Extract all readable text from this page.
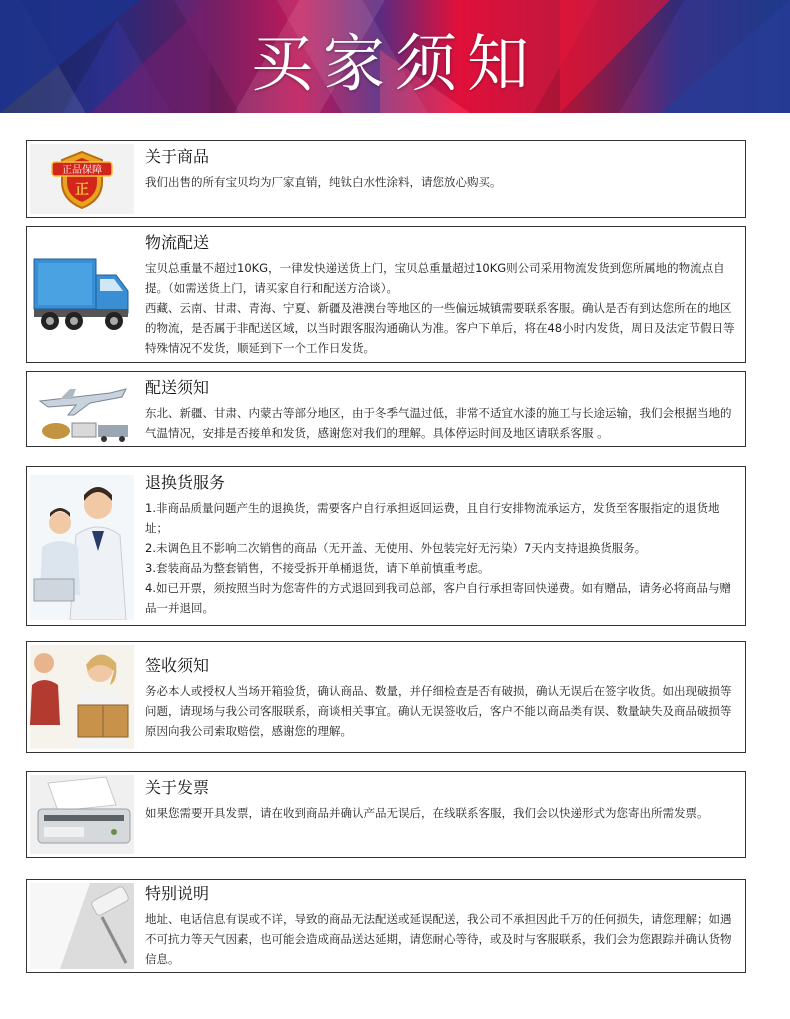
买家须知
正品保障
正
关于商品

我们出售的所有宝贝均为厂家直销，纯钛白水性涂料，请您放心购买。

物流配送

宝贝总重量不超过10KG，一律发快递送货上门，宝贝总重量超过10KG则公司采用物流发货到您所属地的物流点自提。（如需送货上门，请买家自行和配送方洽谈）。

西藏、云南、甘肃、青海、宁夏、新疆及港澳台等地区的一些偏远城镇需要联系客服。确认是否有到达您所在的地区的物流，是否属于非配送区域，以当时跟客服沟通确认为准。客户下单后，将在48小时内发货，周日及法定节假日等特殊情况不发货，顺延到下一个工作日发货。

配送须知

东北、新疆、甘肃、内蒙古等部分地区，由于冬季气温过低，非常不适宜水漆的施工与长途运输，我们会根据当地的气温情况，安排是否接单和发货，感谢您对我们的理解。具体停运时间及地区请联系客服 。

退换货服务

1.非商品质量问题产生的退换货，需要客户自行承担返回运费，且自行安排物流承运方，发货至客服指定的退货地址；

2.未调色且不影响二次销售的商品（无开盖、无使用、外包装完好无污染）7天内支持退换货服务。

3.套装商品为整套销售，不接受拆开单桶退货，请下单前慎重考虑。

4.如已开票，须按照当时为您寄件的方式退回到我司总部，客户自行承担寄回快递费。如有赠品，请务必将商品与赠品一并退回。

签收须知

务必本人或授权人当场开箱验货，确认商品、数量，并仔细检查是否有破损，确认无误后在签字收货。如出现破损等问题，请现场与我公司客服联系，商谈相关事宜。确认无误签收后，客户不能以商品类有误、数量缺失及商品破损等原因向我公司索取赔偿，感谢您的理解。

关于发票

如果您需要开具发票，请在收到商品并确认产品无误后，在线联系客服，我们会以快递形式为您寄出所需发票。

特别说明

地址、电话信息有误或不详，导致的商品无法配送或延误配送，我公司不承担因此千万的任何损失，请您理解；如遇不可抗力等天气因素，也可能会造成商品送达延期，请您耐心等待，或及时与客服联系，我们会为您跟踪并确认货物信息。
